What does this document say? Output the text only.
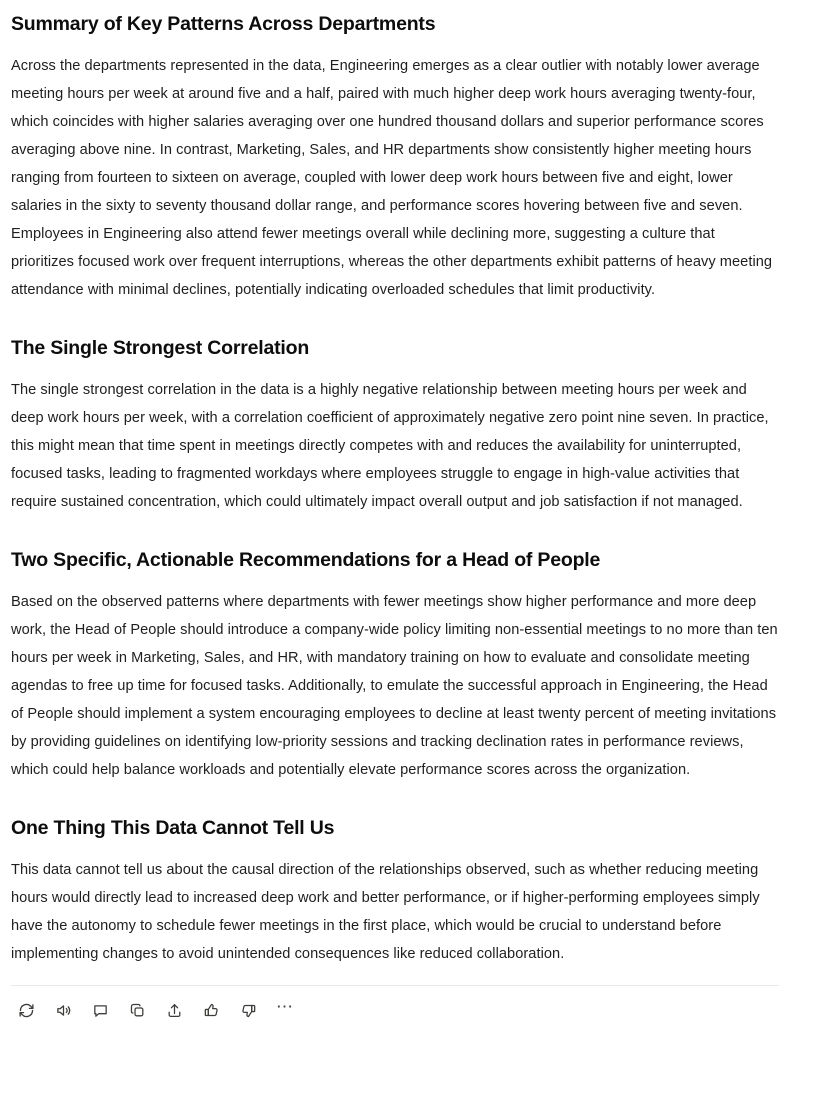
Summary of Key Patterns Across Departments

Across the departments represented in the data, Engineering emerges as a clear outlier with notably lower average meeting hours per week at around five and a half, paired with much higher deep work hours averaging twenty-four, which coincides with higher salaries averaging over one hundred thousand dollars and superior performance scores averaging above nine. In contrast, Marketing, Sales, and HR departments show consistently higher meeting hours ranging from fourteen to sixteen on average, coupled with lower deep work hours between five and eight, lower salaries in the sixty to seventy thousand dollar range, and performance scores hovering between five and seven. Employees in Engineering also attend fewer meetings overall while declining more, suggesting a culture that prioritizes focused work over frequent interruptions, whereas the other departments exhibit patterns of heavy meeting attendance with minimal declines, potentially indicating overloaded schedules that limit productivity.

The Single Strongest Correlation

The single strongest correlation in the data is a highly negative relationship between meeting hours per week and deep work hours per week, with a correlation coefficient of approximately negative zero point nine seven. In practice, this might mean that time spent in meetings directly competes with and reduces the availability for uninterrupted, focused tasks, leading to fragmented workdays where employees struggle to engage in high-value activities that require sustained concentration, which could ultimately impact overall output and job satisfaction if not managed.

Two Specific, Actionable Recommendations for a Head of People

Based on the observed patterns where departments with fewer meetings show higher performance and more deep work, the Head of People should introduce a company-wide policy limiting non-essential meetings to no more than ten hours per week in Marketing, Sales, and HR, with mandatory training on how to evaluate and consolidate meeting agendas to free up time for focused tasks. Additionally, to emulate the successful approach in Engineering, the Head of People should implement a system encouraging employees to decline at least twenty percent of meeting invitations by providing guidelines on identifying low-priority sessions and tracking declination rates in performance reviews, which could help balance workloads and potentially elevate performance scores across the organization.

One Thing This Data Cannot Tell Us

This data cannot tell us about the causal direction of the relationships observed, such as whether reducing meeting hours would directly lead to increased deep work and better performance, or if higher-performing employees simply have the autonomy to schedule fewer meetings in the first place, which would be crucial to understand before implementing changes to avoid unintended consequences like reduced collaboration.

⋯
